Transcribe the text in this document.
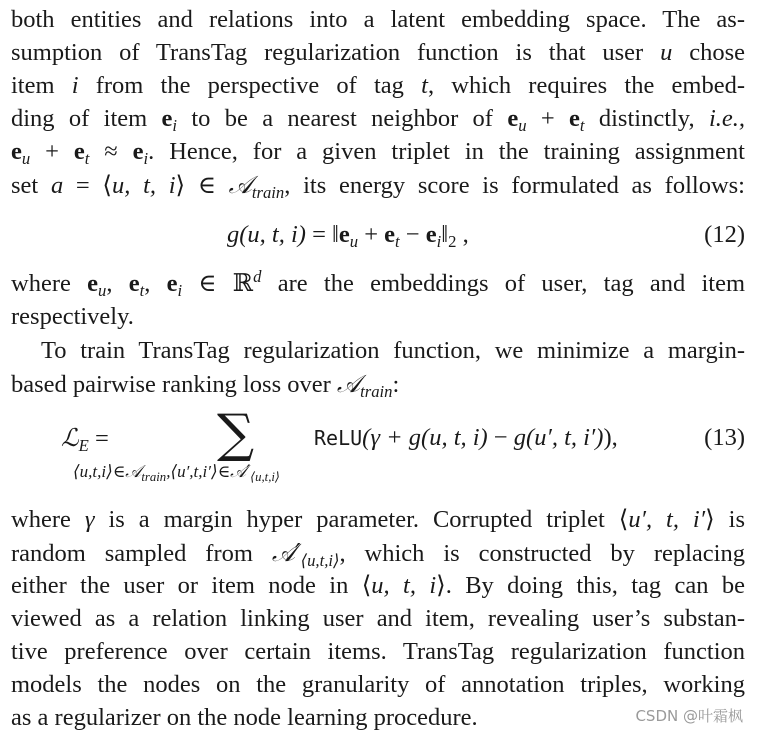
both entities and relations into a latent embedding space. The as-
sumption of TransTag regularization function is that user u chose
item i from the perspective of tag t, which requires the embed-
ding of item $e_i$ to be a nearest neighbor of $e_u + e_t$ distinctly, i.e.,
$e_u + e_t \approx e_i$. Hence, for a given triplet in the training assignment
set a = ⟨u, t, i⟩ ∈ 𝒜$_{train}$, its energy score is formulated as follows:
g(u, t, $i) = ‖e_u + e_t$ − $e_i‖_2$ ,	(12)
where $e_u$, $e_t$, $e_i$ ∈ ℝ$^d$ are the embeddings of user, tag and item
respectively.
To train TransTag regularization function, we minimize a margin-
based pairwise ranking loss over 𝒜$_{train}$:
ℒ$_E$ = ∑	ReLU(γ + g(u, t, i) − g(u′, t, i′)),
$⟨u,t,i⟩\in 𝒜_{train},⟨u',t,i'⟩\in 𝒜'_{⟨u,t,i⟩}$
(13)
where γ is a margin hyper parameter. Corrupted triplet ⟨u′, t, i′⟩ is
random sampled from $𝒜'_{⟨u,t,i⟩}$, which is constructed by replacing
either the user or item node in ⟨u, t, i⟩. By doing this, tag can be
viewed as a relation linking user and item, revealing user’s substan-
tive preference over certain items. TransTag regularization function
models the nodes on the granularity of annotation triples, working
as a regularizer on the node learning procedure.	CSDN @叶霜枫
